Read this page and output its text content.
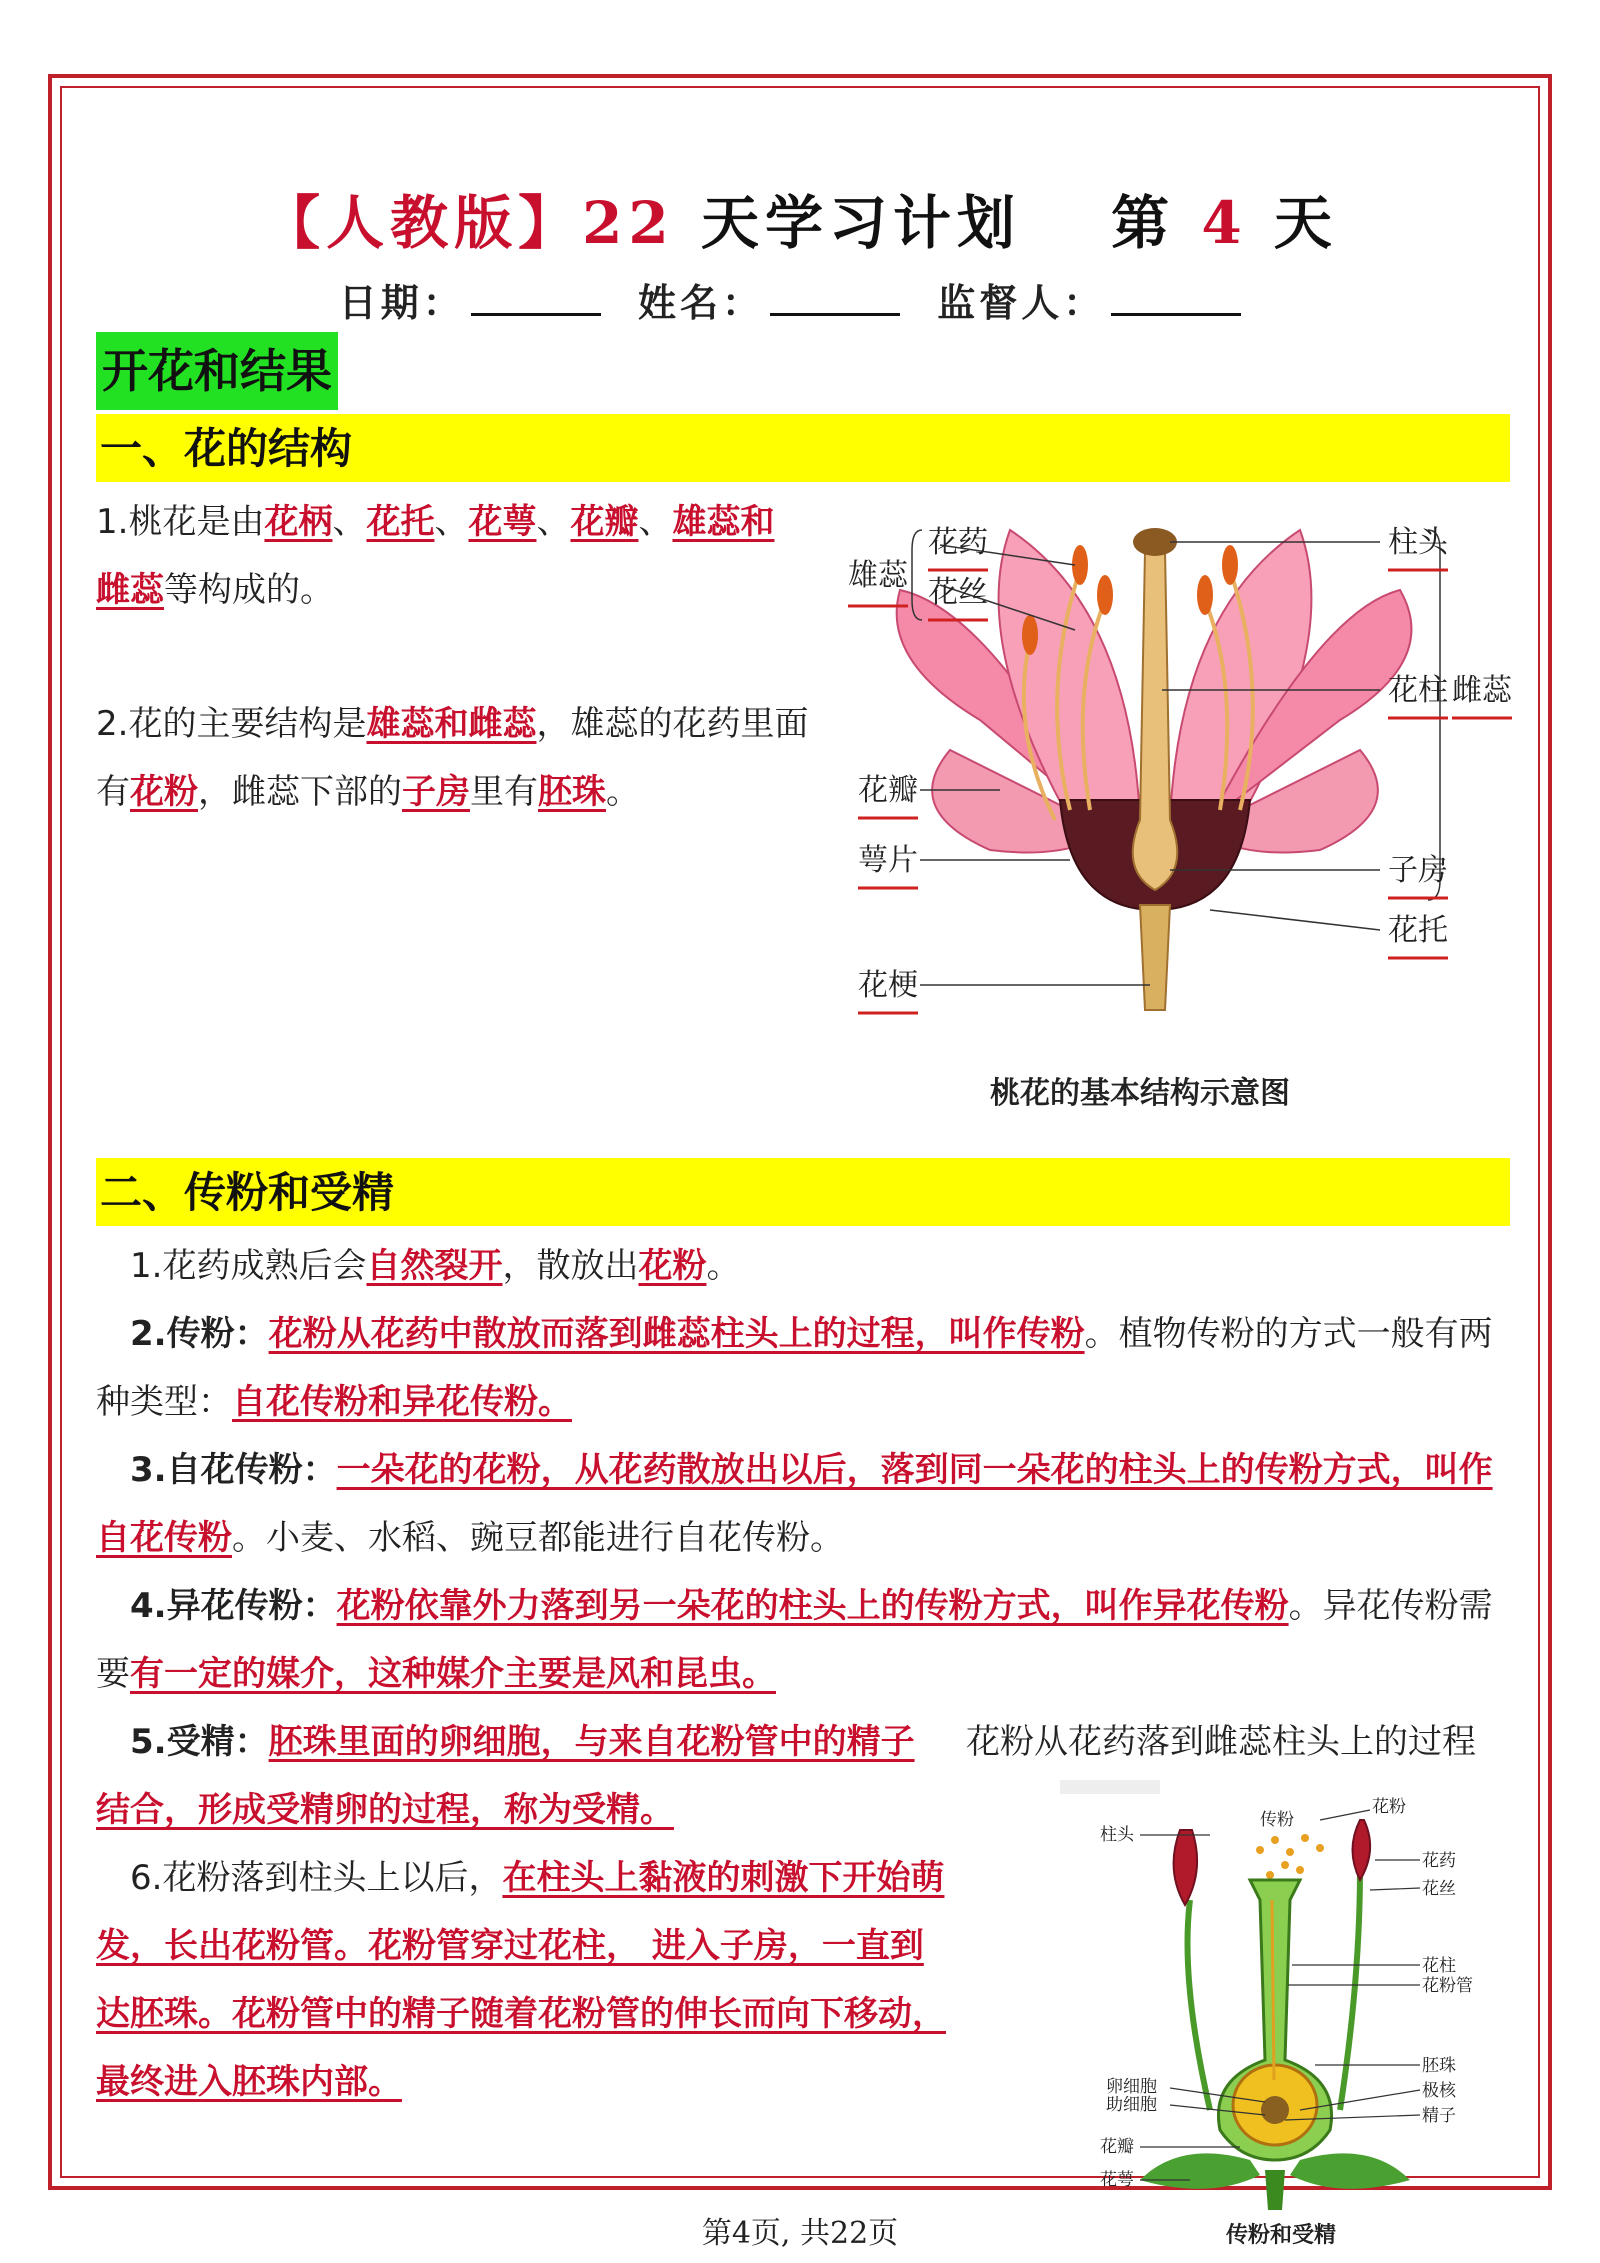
【人教版】22 天学习计划　 第 4 天
日期：	姓名：	监督人：
开花和结果
一、花的结构
1.桃花是由花柄、花托、花萼、花瓣、雄蕊和雌蕊等构成的。
2.花的主要结构是雄蕊和雌蕊，雄蕊的花药里面有花粉，雌蕊下部的子房里有胚珠。
雄蕊
花药
花丝
柱头
花柱 雌蕊
花瓣
萼片	子房
花托
花梗
桃花的基本结构示意图
二、传粉和受精
1.花药成熟后会自然裂开，散放出花粉。
2.传粉：花粉从花药中散放而落到雌蕊柱头上的过程，叫作传粉。植物传粉的方式一般有两种类型：自花传粉和异花传粉。
3.自花传粉：一朵花的花粉，从花药散放出以后，落到同一朵花的柱头上的传粉方式，叫作自花传粉。小麦、水稻、豌豆都能进行自花传粉。
4.异花传粉：花粉依靠外力落到另一朵花的柱头上的传粉方式，叫作异花传粉。异花传粉需要有一定的媒介，这种媒介主要是风和昆虫。
5.受精：胚珠里面的卵细胞，与来自花粉管中的精子结合，形成受精卵的过程，称为受精。
6.花粉落到柱头上以后，在柱头上黏液的刺激下开始萌发，长出花粉管。花粉管穿过花柱， 进入子房，一直到达胚珠。花粉管中的精子随着花粉管的伸长而向下移动，最终进入胚珠内部。
花粉从花药落到雌蕊柱头上的过程
柱头
传粉
花粉
花药
花丝
花柱
花粉管
胚珠
极核
精子
卵细胞
助细胞
花瓣
花萼
传粉和受精
第4页, 共22页
